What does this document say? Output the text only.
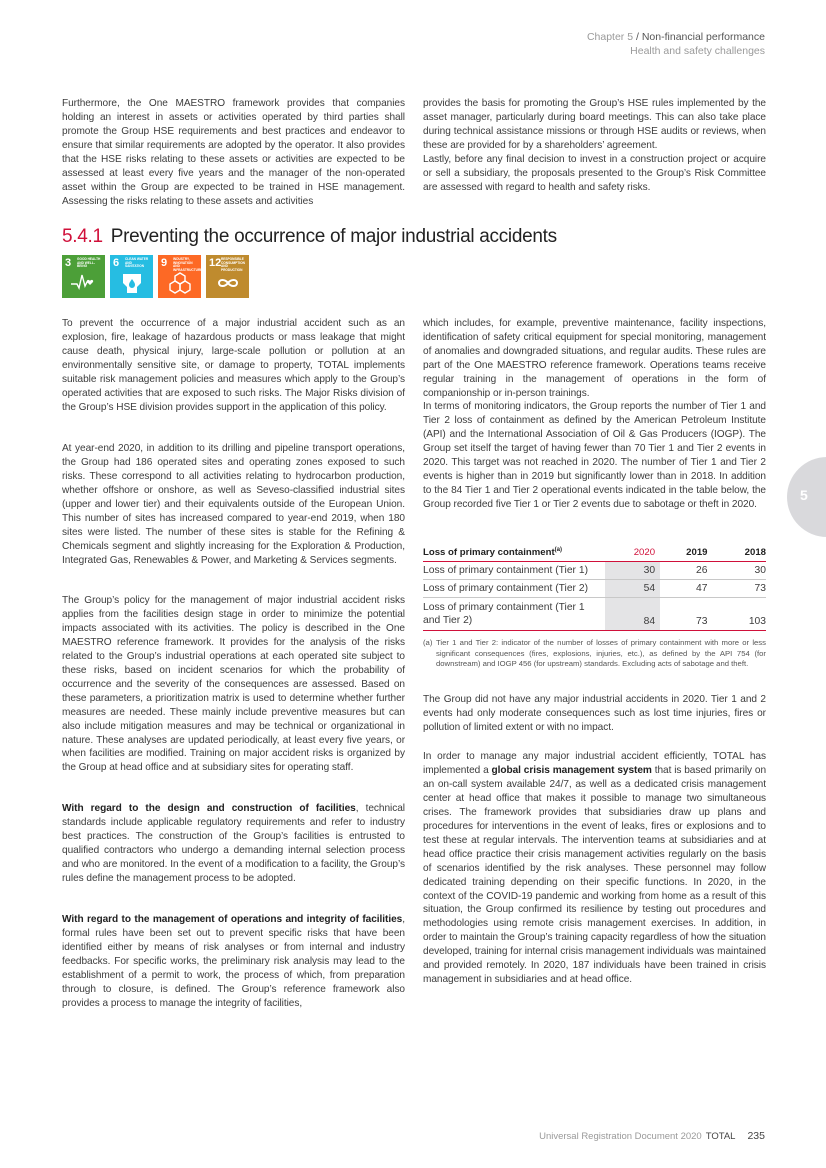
Chapter 5 / Non-financial performance
Health and safety challenges

Furthermore, the One MAESTRO framework provides that companies holding an interest in assets or activities operated by third parties shall promote the Group HSE requirements and best practices and endeavor to ensure that similar requirements are adopted by the operator. It also provides that the HSE risks relating to these assets or activities are expected to be assessed at least every five years and the manager of the non-operated asset within the Group are expected to be trained in HSE management. Assessing the risks relating to these assets and activities

provides the basis for promoting the Group’s HSE rules implemented by the asset manager, particularly during board meetings. This can also take place during technical assistance missions or through HSE audits or reviews, when these are provided for by a shareholders’ agreement.

Lastly, before any final decision to invest in a construction project or acquire or sell a subsidiary, the proposals presented to the Group’s Risk Committee are assessed with regard to health and safety risks.

5.4.1 Preventing the occurrence of major industrial accidents
3 GOOD HEALTH AND WELL-BEING	6 CLEAN WATER AND SANITATION	9 INDUSTRY, INNOVATION AND INFRASTRUCTURE
12 RESPONSIBLE CONSUMPTION AND PRODUCTION

To prevent the occurrence of a major industrial accident such as an explosion, fire, leakage of hazardous products or mass leakage that might cause death, physical injury, large-scale pollution or pollution at an environmentally sensitive site, or damage to property, TOTAL implements suitable risk management policies and measures which apply to the Group’s operated activities that are exposed to such risks. The Major Risks division of the Group’s HSE division provides support in the application of this policy.

At year-end 2020, in addition to its drilling and pipeline transport operations, the Group had 186 operated sites and operating zones exposed to such risks. These correspond to all activities relating to hydrocarbon production, whether offshore or onshore, as well as Seveso-classified industrial sites (upper and lower tier) and their equivalents outside of the European Union. This number of sites has increased compared to year-end 2019, when 180 sites were listed. The number of these sites is stable for the Refining & Chemicals segment and slightly increasing for the Exploration & Production, Integrated Gas, Renewables & Power, and Marketing & Services segments.

The Group’s policy for the management of major industrial accident risks applies from the facilities design stage in order to minimize the potential impacts associated with its activities. The policy is described in the One MAESTRO reference framework. It provides for the analysis of the risks related to the Group’s industrial operations at each operated site subject to these risks, based on incident scenarios for which the probability of occurrence and the severity of the consequences are assessed. Based on these parameters, a prioritization matrix is used to determine whether further measures are needed. These mainly include preventive measures but can also include mitigation measures and may be technical or organizational in nature. These analyses are updated periodically, at least every five years, or when facilities are modified. Training on major accident risks is organized by the Group at head office and at subsidiary sites for operating staff.

With regard to the design and construction of facilities, technical standards include applicable regulatory requirements and refer to industry best practices. The construction of the Group’s facilities is entrusted to qualified contractors who undergo a demanding internal selection process and who are monitored. In the event of a modification to a facility, the Group’s rules define the management process to be adopted.

With regard to the management of operations and integrity of facilities, formal rules have been set out to prevent specific risks that have been identified either by means of risk analyses or from internal and industry feedbacks. For specific works, the preliminary risk analysis may lead to the establishment of a permit to work, the process of which, from preparation through to closure, is defined. The Group’s reference framework also provides a process to manage the integrity of facilities,

which includes, for example, preventive maintenance, facility inspections, identification of safety critical equipment for special monitoring, management of anomalies and downgraded situations, and regular audits. These rules are part of the One MAESTRO reference framework. Operations teams receive regular training in the management of operations in the form of companionship or in-person trainings.

In terms of monitoring indicators, the Group reports the number of Tier 1 and Tier 2 loss of containment as defined by the American Petroleum Institute (API) and the International Association of Oil & Gas Producers (IOGP). The Group set itself the target of having fewer than 70 Tier 1 and Tier 2 events in 2020. This target was not reached in 2020. The number of Tier 1 and Tier 2 events is higher than in 2019 but significantly lower than in 2018. In addition to the 84 Tier 1 and Tier 2 operational events indicated in the table below, the Group recorded five Tier 1 or Tier 2 events due to sabotage or theft in 2020.

Loss of primary containment$^{(a)}$	2020	2019	2018
Loss of primary containment (Tier 1)	30	26	30
Loss of primary containment (Tier 2)	54	47	73
Loss of primary containment (Tier 1 and Tier 2)	84	73	103
(a) Tier 1 and Tier 2: indicator of the number of losses of primary containment with more or less significant consequences (fires, explosions, injuries, etc.), as defined by the API 754 (for downstream) and IOGP 456 (for upstream) standards. Excluding acts of sabotage and theft.

The Group did not have any major industrial accidents in 2020. Tier 1 and 2 events had only moderate consequences such as lost time injuries, fires or pollution of limited extent or with no impact.

In order to manage any major industrial accident efficiently, TOTAL has implemented a global crisis management system that is based primarily on an on-call system available 24/7, as well as a dedicated crisis management center at head office that makes it possible to manage two simultaneous crises. The framework provides that subsidiaries draw up plans and procedures for interventions in the event of leaks, fires or explosions and to test these at regular intervals. The intervention teams at subsidiaries and at head office practice their crisis management activities regularly on the basis of scenarios identified by the risk analyses. These personnel may follow dedicated training depending on their specific functions. In 2020, in the context of the COVID-19 pandemic and working from home as a result of this situation, the Group confirmed its resilience by testing out procedures and methodologies using remote crisis management exercises. In addition, in order to maintain the Group’s training capacity regardless of how the situation developed, training for internal crisis management individuals was maintained and provided remotely. In 2020, 187 individuals have been trained in crisis management in subsidiaries and at head office.

5
Universal Registration Document 2020 TOTAL 235
